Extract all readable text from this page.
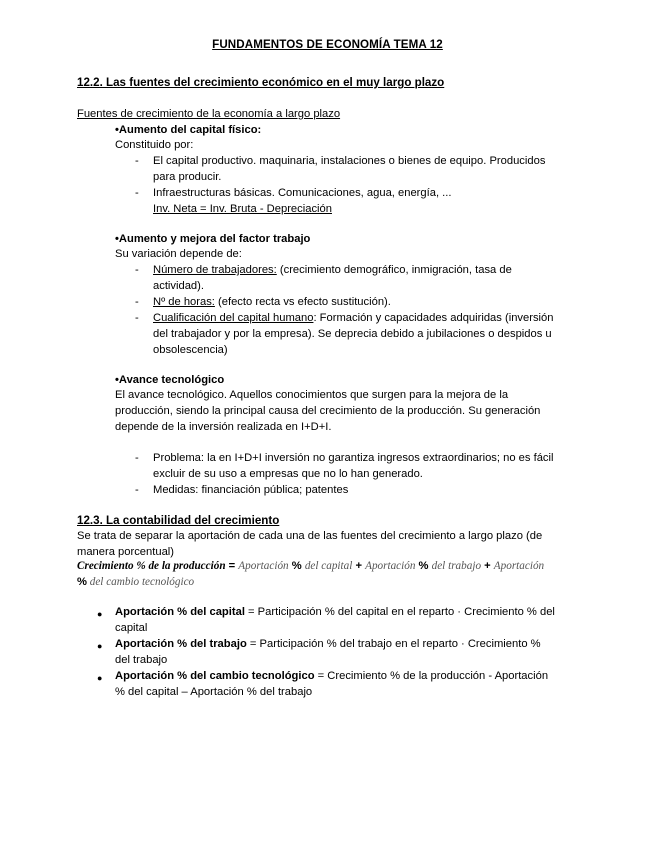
FUNDAMENTOS DE ECONOMÍA TEMA 12
12.2. Las fuentes del crecimiento económico en el muy largo plazo
Fuentes de crecimiento de la economía a largo plazo
•Aumento del capital físico:
Constituido por:
- El capital productivo. maquinaria, instalaciones o bienes de equipo. Producidos
para producir.
- Infraestructuras básicas. Comunicaciones, agua, energía, ...
Inv. Neta = Inv. Bruta - Depreciación
•Aumento y mejora del factor trabajo
Su variación depende de:
- Número de trabajadores: (crecimiento demográfico, inmigración, tasa de
actividad).
- Nº de horas: (efecto recta vs efecto sustitución).
- Cualificación del capital humano: Formación y capacidades adquiridas (inversión
del trabajador y por la empresa). Se deprecia debido a jubilaciones o despidos u
obsolescencia)
•Avance tecnológico
El avance tecnológico. Aquellos conocimientos que surgen para la mejora de la
producción, siendo la principal causa del crecimiento de la producción. Su generación
depende de la inversión realizada en I+D+I.
- Problema: la en I+D+I inversión no garantiza ingresos extraordinarios; no es fácil
excluir de su uso a empresas que no lo han generado.
- Medidas: financiación pública; patentes
12.3. La contabilidad del crecimiento
Se trata de separar la aportación de cada una de las fuentes del crecimiento a largo plazo (de
manera porcentual)
Crecimiento % de la producción = Aportación % del capital + Aportación % del trabajo + Aportación
% del cambio tecnológico
● Aportación % del capital = Participación % del capital en el reparto · Crecimiento % del
capital
● Aportación % del trabajo = Participación % del trabajo en el reparto · Crecimiento %
del trabajo
● Aportación % del cambio tecnológico = Crecimiento % de la producción - Aportación
% del capital – Aportación % del trabajo
